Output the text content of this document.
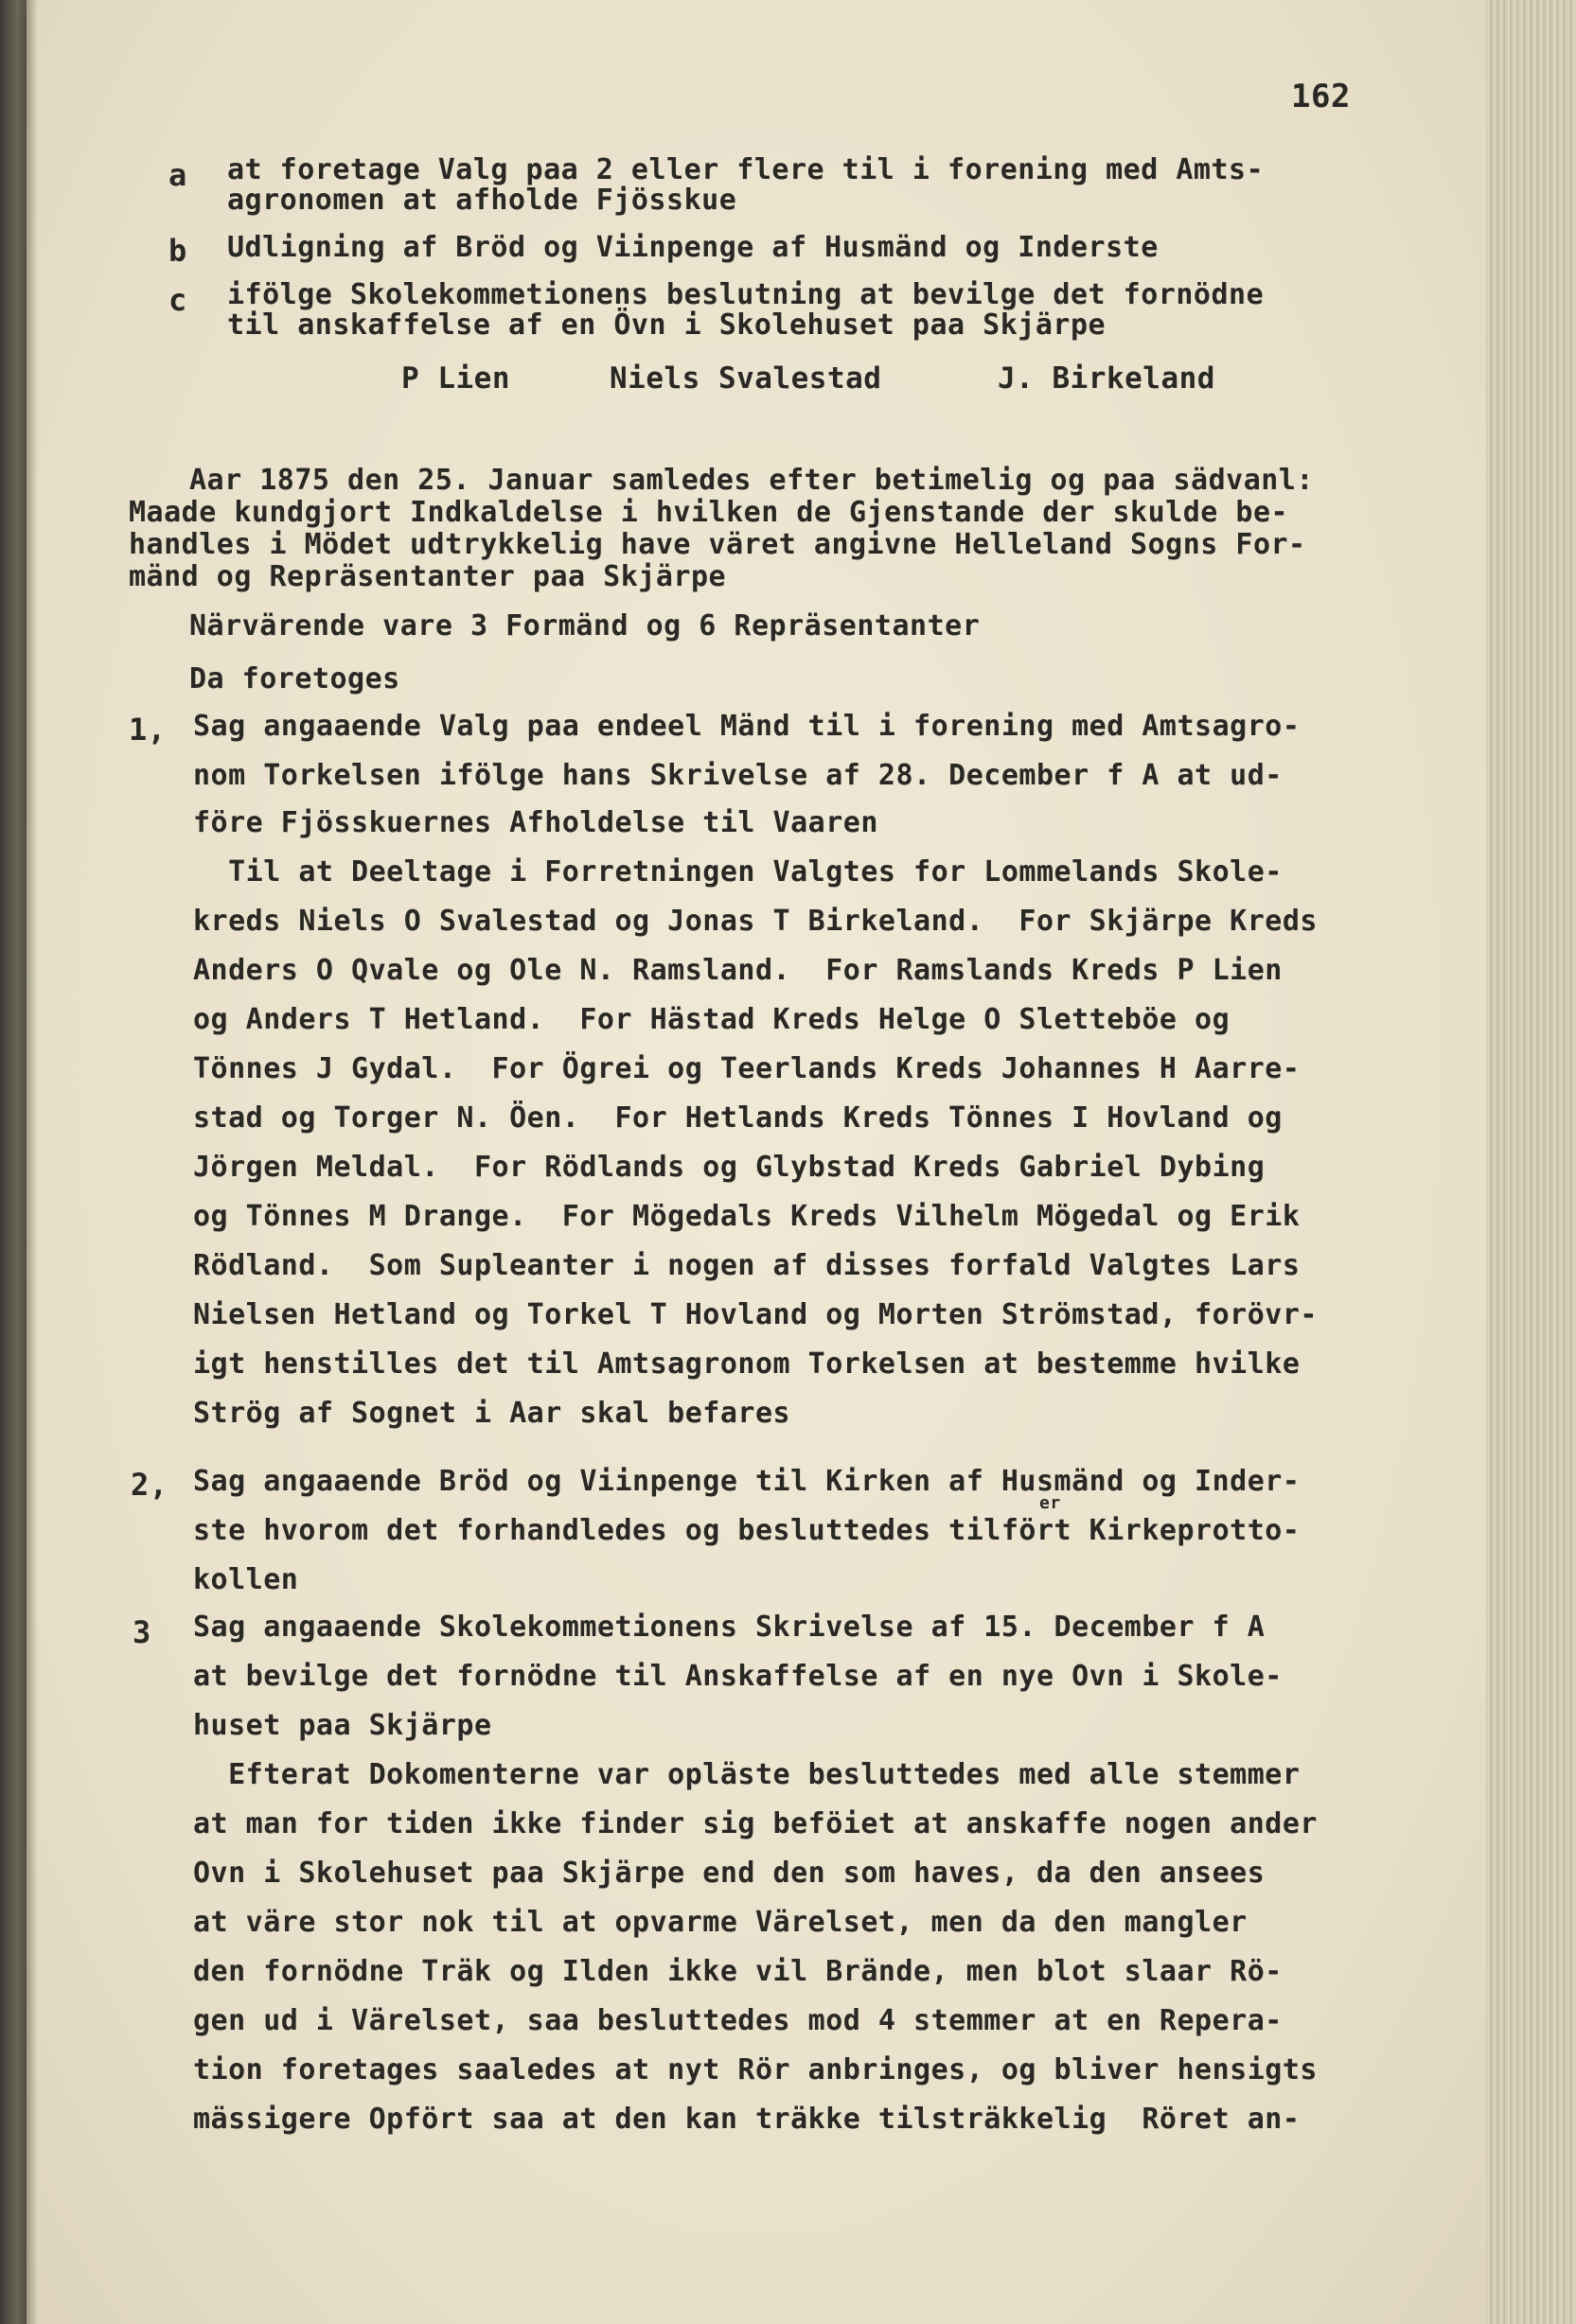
162
a at foretage Valg paa 2 eller flere til i forening med Amts-
agronomen at afholde Fjösskue
b Udligning af Bröd og Viinpenge af Husmänd og Inderste
c ifölge Skolekommetionens beslutning at bevilge det fornödne
til anskaffelse af en Övn i Skolehuset paa Skjärpe
P Lien	Niels Svalestad	J. Birkeland
Aar 1875 den 25. Januar samledes efter betimelig og paa sädvanl:
Maade kundgjort Indkaldelse i hvilken de Gjenstande der skulde be-
handles i Mödet udtrykkelig have väret angivne Helleland Sogns For-
mänd og Repräsentanter paa Skjärpe
Närvärende vare 3 Formänd og 6 Repräsentanter
Da foretoges
1, Sag angaaende Valg paa endeel Mänd til i forening med Amtsagro-
nom Torkelsen ifölge hans Skrivelse af 28. December f A at ud-
före Fjösskuernes Afholdelse til Vaaren
Til at Deeltage i Forretningen Valgtes for Lommelands Skole-
kreds Niels O Svalestad og Jonas T Birkeland.  For Skjärpe Kreds
Anders O Qvale og Ole N. Ramsland.  For Ramslands Kreds P Lien
og Anders T Hetland.  For Hästad Kreds Helge O Sletteböe og
Tönnes J Gydal.  For Ögrei og Teerlands Kreds Johannes H Aarre-
stad og Torger N. Öen.  For Hetlands Kreds Tönnes I Hovland og
Jörgen Meldal.  For Rödlands og Glybstad Kreds Gabriel Dybing
og Tönnes M Drange.  For Mögedals Kreds Vilhelm Mögedal og Erik
Rödland.  Som Supleanter i nogen af disses forfald Valgtes Lars
Nielsen Hetland og Torkel T Hovland og Morten Strömstad, forövr-
igt henstilles det til Amtsagronom Torkelsen at bestemme hvilke
Strög af Sognet i Aar skal befares
2, Sag angaaende Bröd og Viinpenge til Kirken af Husmänd og Inder-
ste hvorom det forhandledes og besluttedes tilfört Kirkeprotto-
kollen
er
3 Sag angaaende Skolekommetionens Skrivelse af 15. December f A
at bevilge det fornödne til Anskaffelse af en nye Ovn i Skole-
huset paa Skjärpe
Efterat Dokomenterne var opläste besluttedes med alle stemmer
at man for tiden ikke finder sig beföiet at anskaffe nogen ander
Ovn i Skolehuset paa Skjärpe end den som haves, da den ansees
at väre stor nok til at opvarme Värelset, men da den mangler
den fornödne Träk og Ilden ikke vil Brände, men blot slaar Rö-
gen ud i Värelset, saa besluttedes mod 4 stemmer at en Repera-
tion foretages saaledes at nyt Rör anbringes, og bliver hensigts
mässigere Opfört saa at den kan träkke tilsträkkelig  Röret an-
